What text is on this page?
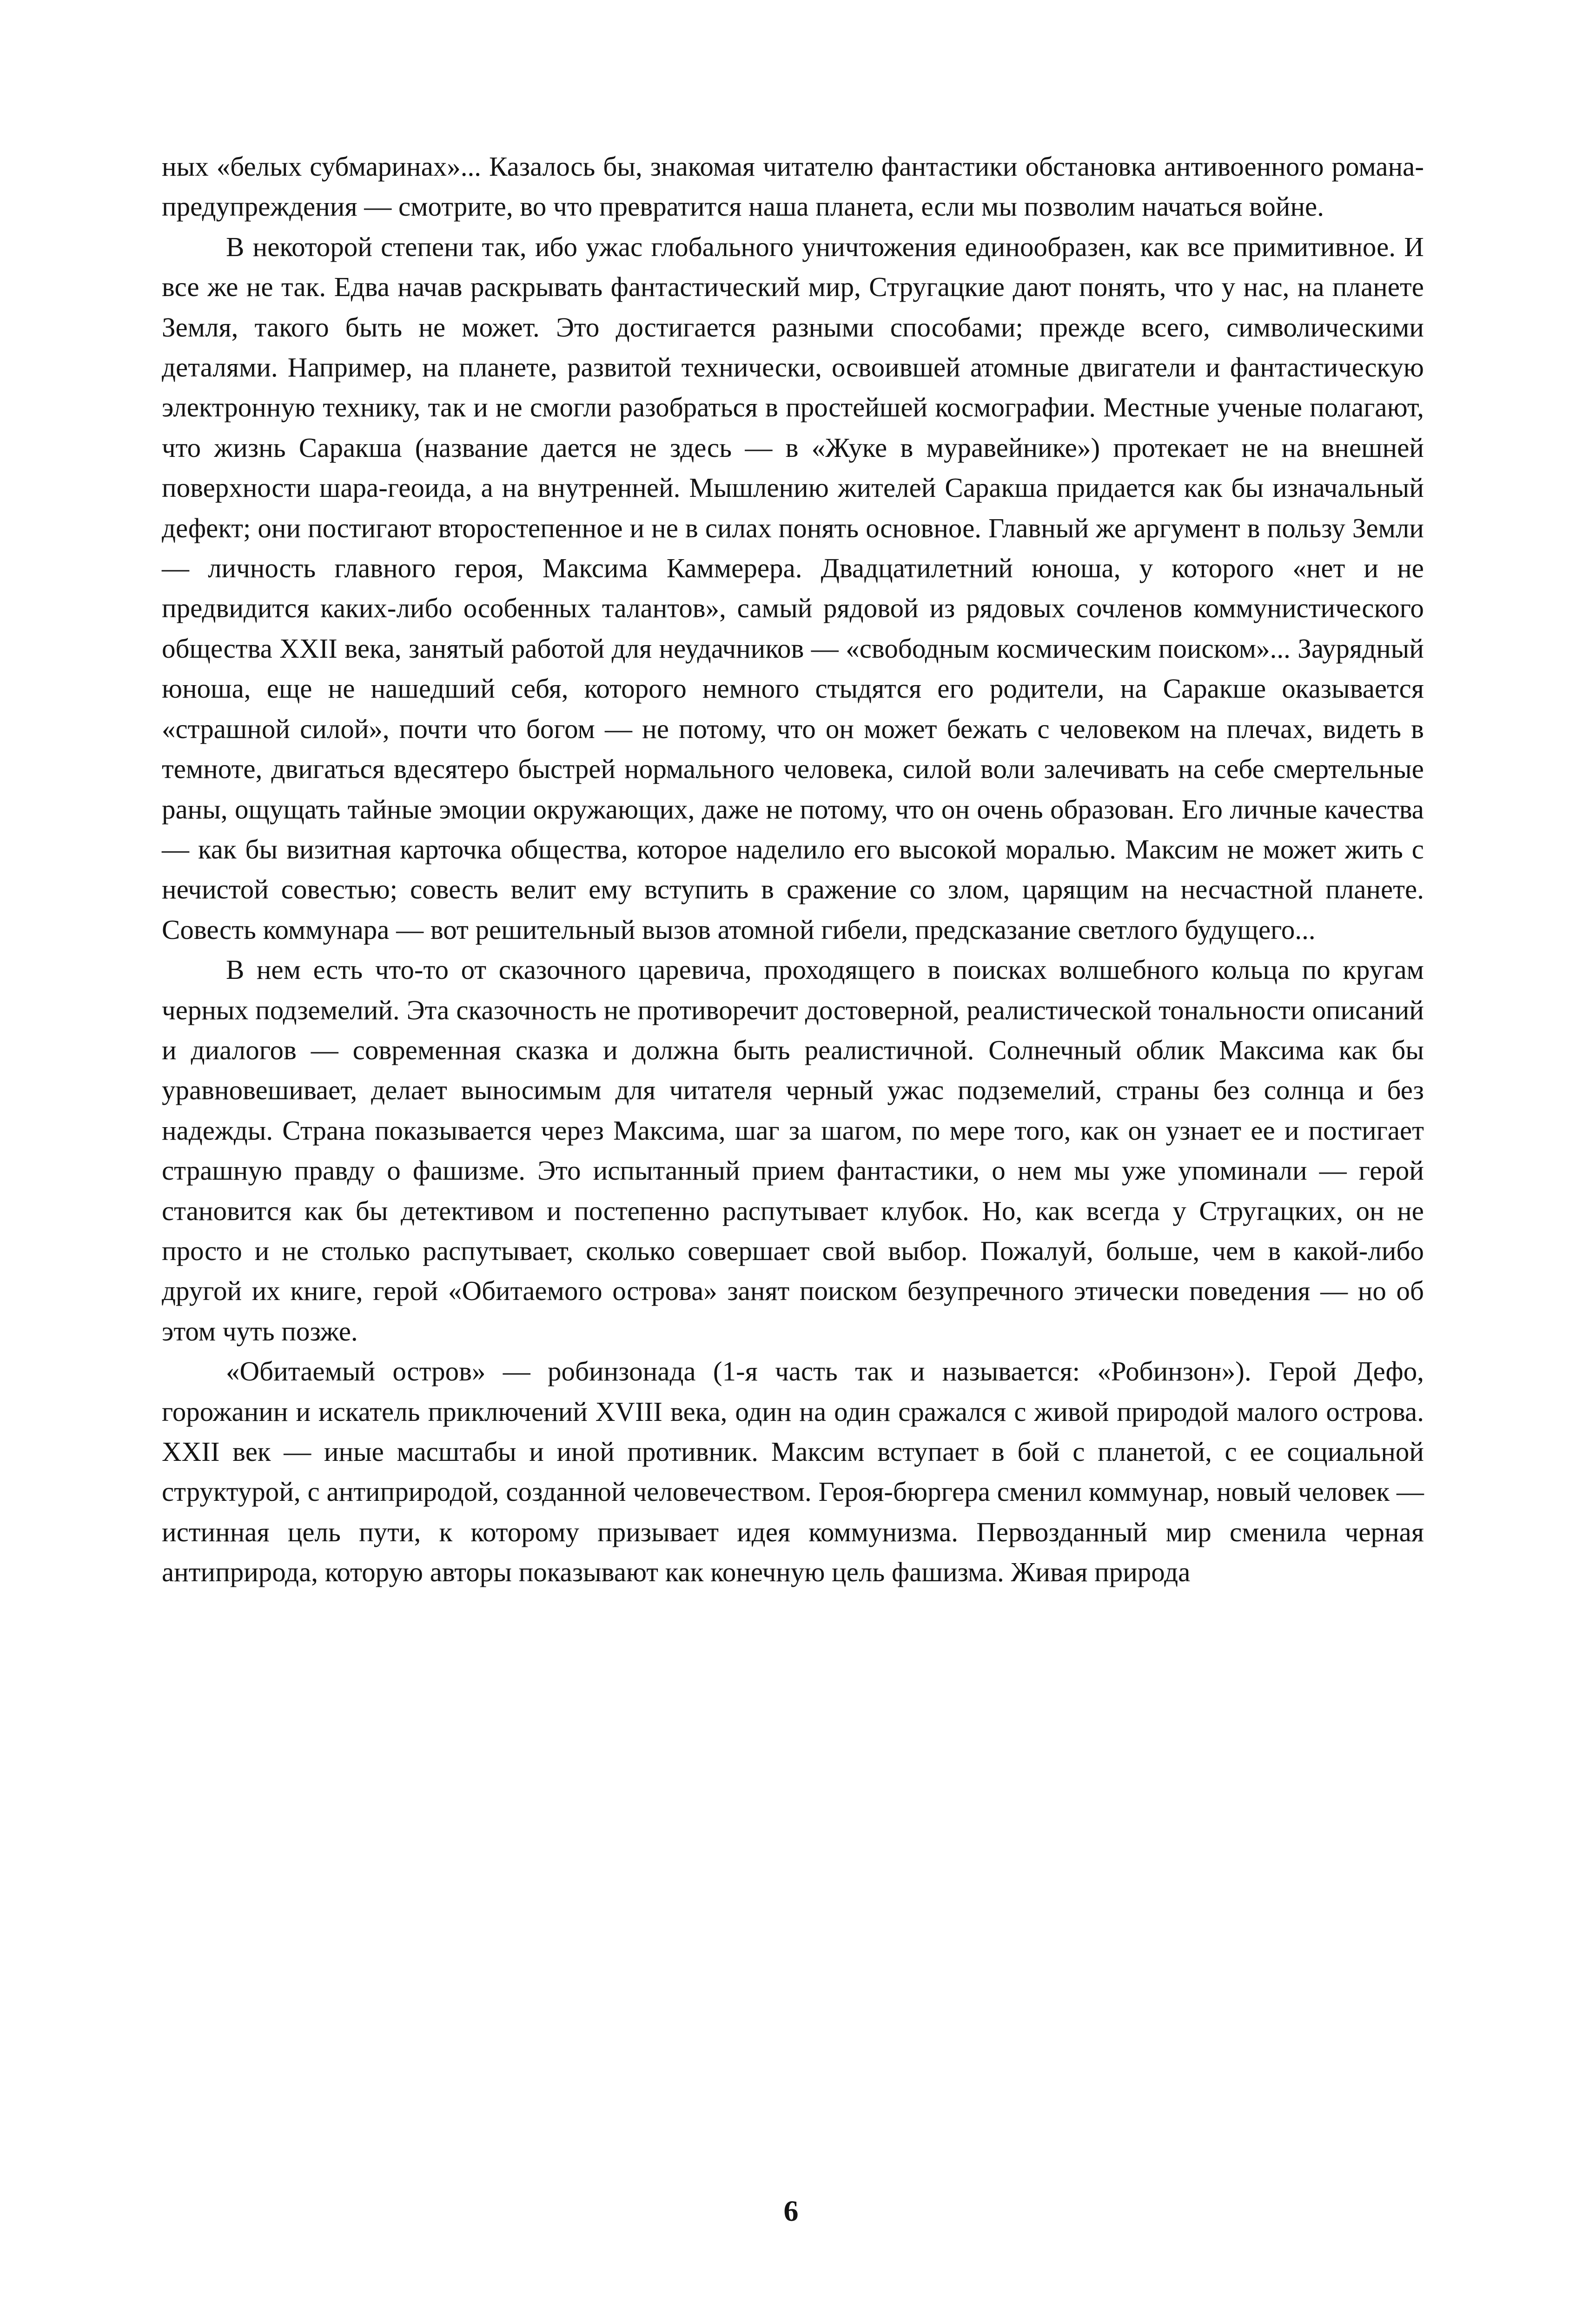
ных «белых субмаринах»... Казалось бы, знакомая читателю фантастики обстановка антивоенного романа-предупреждения — смотрите, во что превратится наша планета, если мы позволим начаться войне.

В некоторой степени так, ибо ужас глобального уничтожения единообразен, как все примитивное. И все же не так. Едва начав раскрывать фантастический мир, Стругацкие дают понять, что у нас, на планете Земля, такого быть не может. Это достигается разными способами; прежде всего, символическими деталями. Например, на планете, развитой технически, освоившей атомные двигатели и фантастическую электронную технику, так и не смогли разобраться в простейшей космографии. Местные ученые полагают, что жизнь Саракша (название дается не здесь — в «Жуке в муравейнике») протекает не на внешней поверхности шара-геоида, а на внутренней. Мышлению жителей Саракша придается как бы изначальный дефект; они постигают второстепенное и не в силах понять основное. Главный же аргумент в пользу Земли — личность главного героя, Максима Каммерера. Двадцатилетний юноша, у которого «нет и не предвидится каких-либо особенных талантов», самый рядовой из рядовых сочленов коммунистического общества XXII века, занятый работой для неудачников — «свободным космическим поиском»... Заурядный юноша, еще не нашедший себя, которого немного стыдятся его родители, на Саракше оказывается «страшной силой», почти что богом — не потому, что он может бежать с человеком на плечах, видеть в темноте, двигаться вдесятеро быстрей нормального человека, силой воли залечивать на себе смертельные раны, ощущать тайные эмоции окружающих, даже не потому, что он очень образован. Его личные качества — как бы визитная карточка общества, которое наделило его высокой моралью. Максим не может жить с нечистой совестью; совесть велит ему вступить в сражение со злом, царящим на несчастной планете. Совесть коммунара — вот решительный вызов атомной гибели, предсказание светлого будущего...

В нем есть что-то от сказочного царевича, проходящего в поисках волшебного кольца по кругам черных подземелий. Эта сказочность не противоречит достоверной, реалистической тональности описаний и диалогов — современная сказка и должна быть реалистичной. Солнечный облик Максима как бы уравновешивает, делает выносимым для читателя черный ужас подземелий, страны без солнца и без надежды. Страна показывается через Максима, шаг за шагом, по мере того, как он узнает ее и постигает страшную правду о фашизме. Это испытанный прием фантастики, о нем мы уже упоминали — герой становится как бы детективом и постепенно распутывает клубок. Но, как всегда у Стругацких, он не просто и не столько распутывает, сколько совершает свой выбор. Пожалуй, больше, чем в какой-либо другой их книге, герой «Обитаемого острова» занят поиском безупречного этически поведения — но об этом чуть позже.

«Обитаемый остров» — робинзонада (1-я часть так и называется: «Робинзон»). Герой Дефо, горожанин и искатель приключений XVIII века, один на один сражался с живой природой малого острова. XXII век — иные масштабы и иной противник. Максим вступает в бой с планетой, с ее социальной структурой, с антиприродой, созданной человечеством. Героя-бюргера сменил коммунар, новый человек — истинная цель пути, к которому призывает идея коммунизма. Первозданный мир сменила черная антиприрода, которую авторы показывают как конечную цель фашизма. Живая природа

6
